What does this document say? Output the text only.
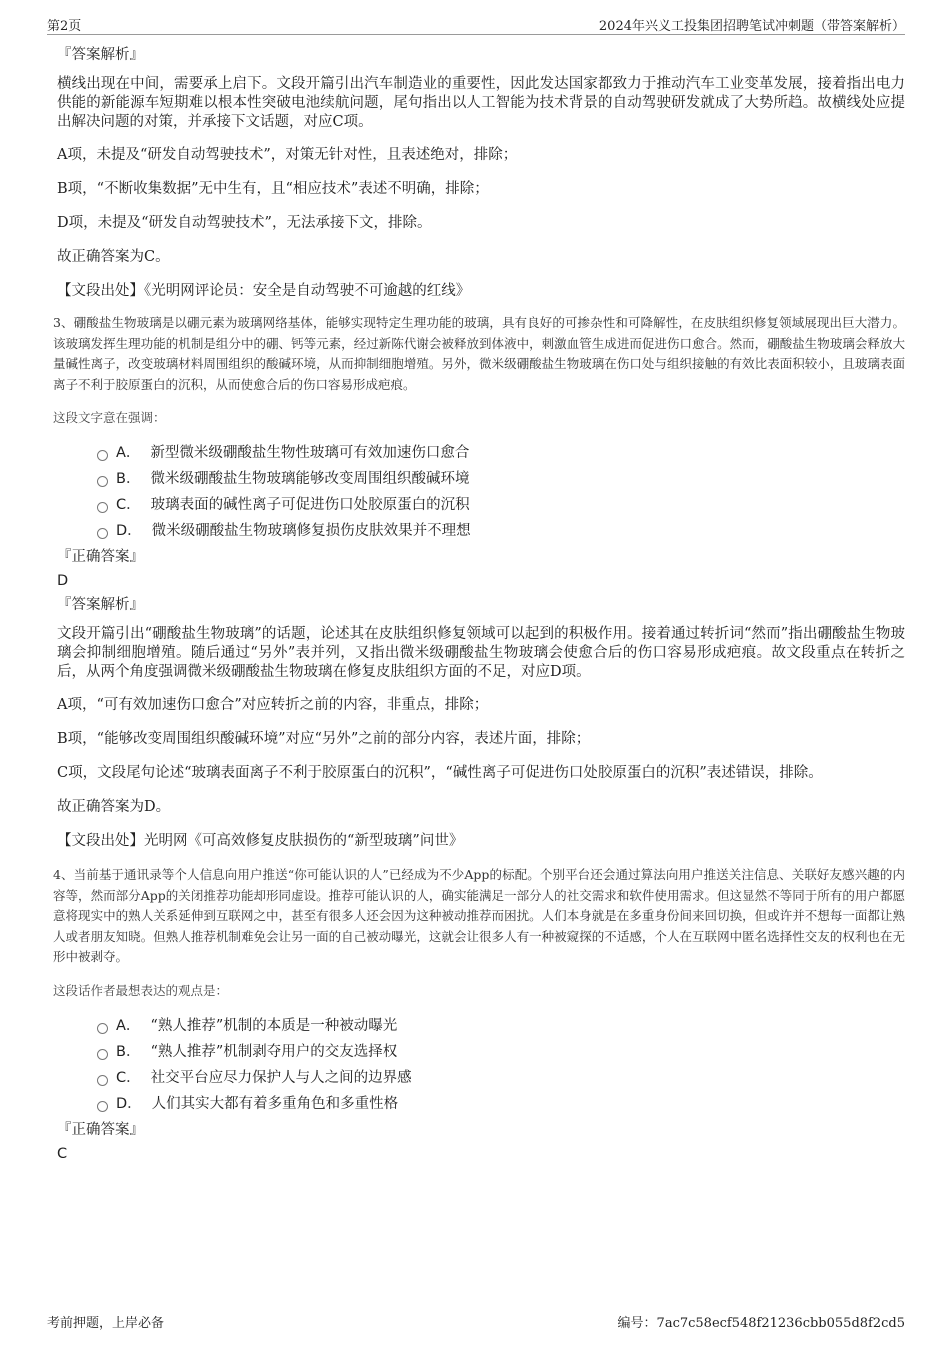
第2页	2024年兴义工投集团招聘笔试冲刺题（带答案解析）
『答案解析』
横线出现在中间，需要承上启下。文段开篇引出汽车制造业的重要性，因此发达国家都致力于推动汽车工业变革发展，接着指出电力供能的新能源车短期难以根本性突破电池续航问题，尾句指出以人工智能为技术背景的自动驾驶研发就成了大势所趋。故横线处应提出解决问题的对策，并承接下文话题，对应C项。
A项，未提及“研发自动驾驶技术”，对策无针对性，且表述绝对，排除；
B项，“不断收集数据”无中生有，且“相应技术”表述不明确，排除；
D项，未提及“研发自动驾驶技术”，无法承接下文，排除。
故正确答案为C。
【文段出处】《光明网评论员：安全是自动驾驶不可逾越的红线》
3、硼酸盐生物玻璃是以硼元素为玻璃网络基体，能够实现特定生理功能的玻璃，具有良好的可掺杂性和可降解性，在皮肤组织修复领域展现出巨大潜力。该玻璃发挥生理功能的机制是组分中的硼、钙等元素，经过新陈代谢会被释放到体液中，刺激血管生成进而促进伤口愈合。然而，硼酸盐生物玻璃会释放大量碱性离子，改变玻璃材料周围组织的酸碱环境，从而抑制细胞增殖。另外，微米级硼酸盐生物玻璃在伤口处与组织接触的有效比表面积较小，且玻璃表面离子不利于胶原蛋白的沉积，从而使愈合后的伤口容易形成疤痕。
这段文字意在强调：
A． 新型微米级硼酸盐生物性玻璃可有效加速伤口愈合
B． 微米级硼酸盐生物玻璃能够改变周围组织酸碱环境
C． 玻璃表面的碱性离子可促进伤口处胶原蛋白的沉积
D． 微米级硼酸盐生物玻璃修复损伤皮肤效果并不理想
『正确答案』
D
『答案解析』
文段开篇引出“硼酸盐生物玻璃”的话题，论述其在皮肤组织修复领域可以起到的积极作用。接着通过转折词“然而”指出硼酸盐生物玻璃会抑制细胞增殖。随后通过“另外”表并列，又指出微米级硼酸盐生物玻璃会使愈合后的伤口容易形成疤痕。故文段重点在转折之后，从两个角度强调微米级硼酸盐生物玻璃在修复皮肤组织方面的不足，对应D项。
A项，“可有效加速伤口愈合”对应转折之前的内容，非重点，排除；
B项，“能够改变周围组织酸碱环境”对应“另外”之前的部分内容，表述片面，排除；
C项，文段尾句论述“玻璃表面离子不利于胶原蛋白的沉积”，“碱性离子可促进伤口处胶原蛋白的沉积”表述错误，排除。
故正确答案为D。
【文段出处】光明网《可高效修复皮肤损伤的“新型玻璃”问世》
4、当前基于通讯录等个人信息向用户推送“你可能认识的人”已经成为不少App的标配。个别平台还会通过算法向用户推送关注信息、关联好友感兴趣的内容等，然而部分App的关闭推荐功能却形同虚设。推荐可能认识的人，确实能满足一部分人的社交需求和软件使用需求。但这显然不等同于所有的用户都愿意将现实中的熟人关系延伸到互联网之中，甚至有很多人还会因为这种被动推荐而困扰。人们本身就是在多重身份间来回切换，但或许并不想每一面都让熟人或者朋友知晓。但熟人推荐机制难免会让另一面的自己被动曝光，这就会让很多人有一种被窥探的不适感，个人在互联网中匿名选择性交友的权利也在无形中被剥夺。
这段话作者最想表达的观点是：
A． “熟人推荐”机制的本质是一种被动曝光
B． “熟人推荐”机制剥夺用户的交友选择权
C． 社交平台应尽力保护人与人之间的边界感
D． 人们其实大都有着多重角色和多重性格
『正确答案』
C
考前押题，上岸必备	编号：7ac7c58ecf548f21236cbb055d8f2cd5
